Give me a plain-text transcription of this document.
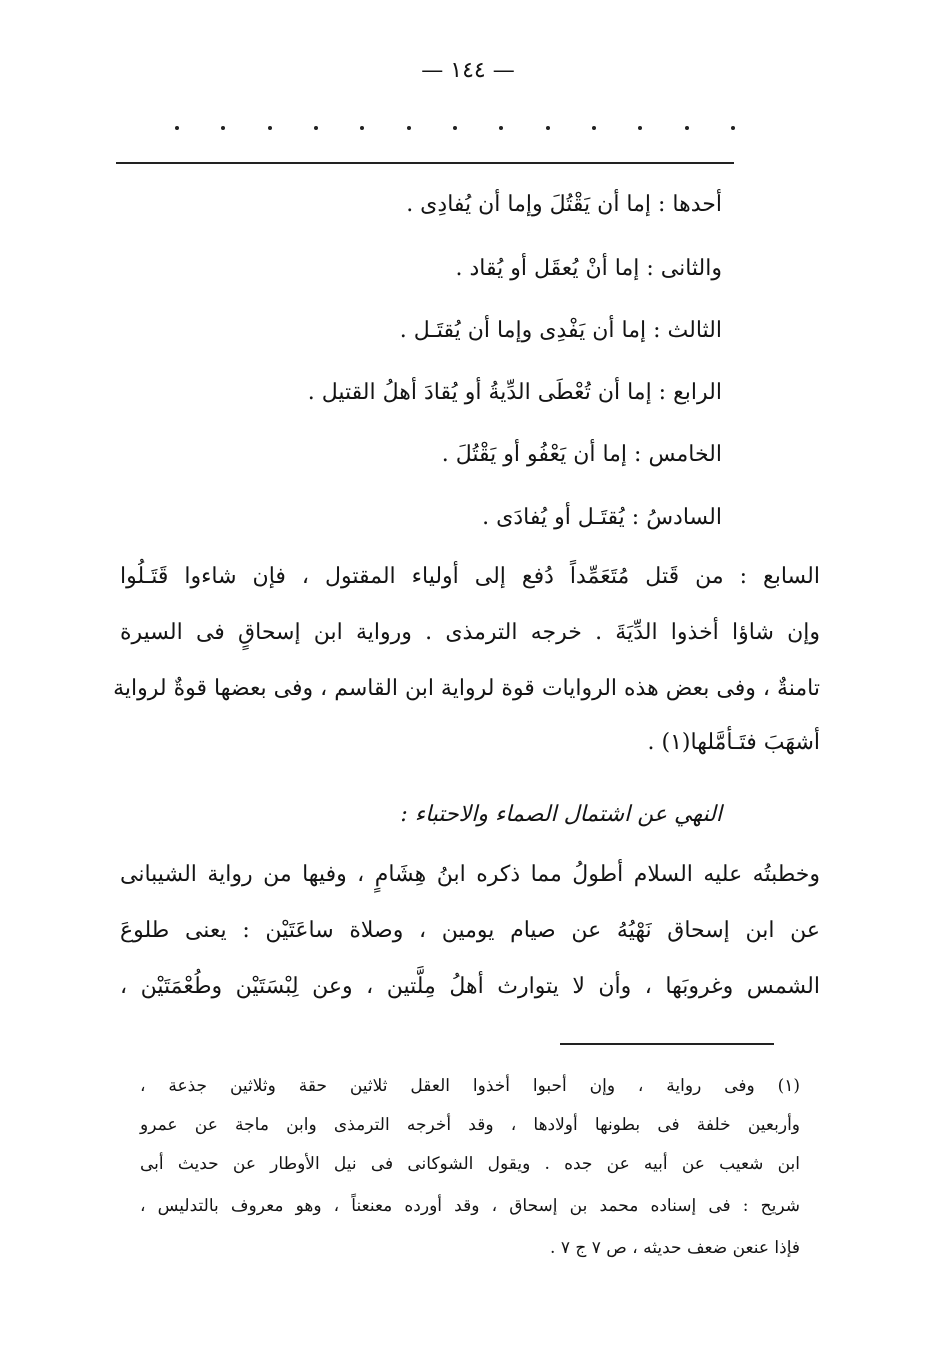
— ١٤٤ —
أحدها : إما أن يَقْتُلَ وإما أن يُفادِى .
والثانى : إما أنْ يُعقَل أو يُقاد .
الثالث : إما أن يَفْدِى وإما أن يُقتَـل .
الرابع : إما أن تُعْطَى الدِّيةُ أو يُقادَ أهلُ القتيل .
الخامس : إما أن يَعْفُو أو يَقْتُلَ .
السادسُ : يُقتَـل أو يُفادَى .
السابع : من قَتل مُتَعَمِّداً دُفع إلى أولياء المقتول ، فإن شاءوا قَتَـلُوا
وإن شاؤا أخذوا الدِّيَةَ . خرجه الترمذى . ورواية ابن إسحاقٍ فى السيرة
تامنةٌ ، وفى بعض هذه الروايات قوة لرواية ابن القاسم ، وفى بعضها قوةٌ لرواية
أشهَبَ فتَـأمَّلها(١) .
النهي عن اشتمال الصماء والاحتباء :
وخطبتُه عليه السلام أطولُ مما ذكره ابنُ هِشَامٍ ، وفيها من رواية الشيبانى
عن ابن إسحاق نَهْيُهُ عن صيام يومين ، وصلاة ساعَتَيْن : يعنى طلوعَ
الشمس وغروبَها ، وأن لا يتوارث أهلُ مِلَّتين ، وعن لِبْسَتَيْن وطُعْمَتَيْن ،
(١) وفى رواية ، وإن أحبوا أخذوا العقل ثلاثين حقة وثلاثين جذعة ،
وأربعين خلفة فى بطونها أولادها ، وقد أخرجه الترمذى وابن ماجة عن عمرو
ابن شعيب عن أبيه عن جده . ويقول الشوكانى فى نيل الأوطار عن حديث أبى
شريح : فى إسناده محمد بن إسحاق ، وقد أورده معنعناً ، وهو معروف بالتدليس ،
فإذا عنعن ضعف حديثه ، ص ٧ ج ٧ .
